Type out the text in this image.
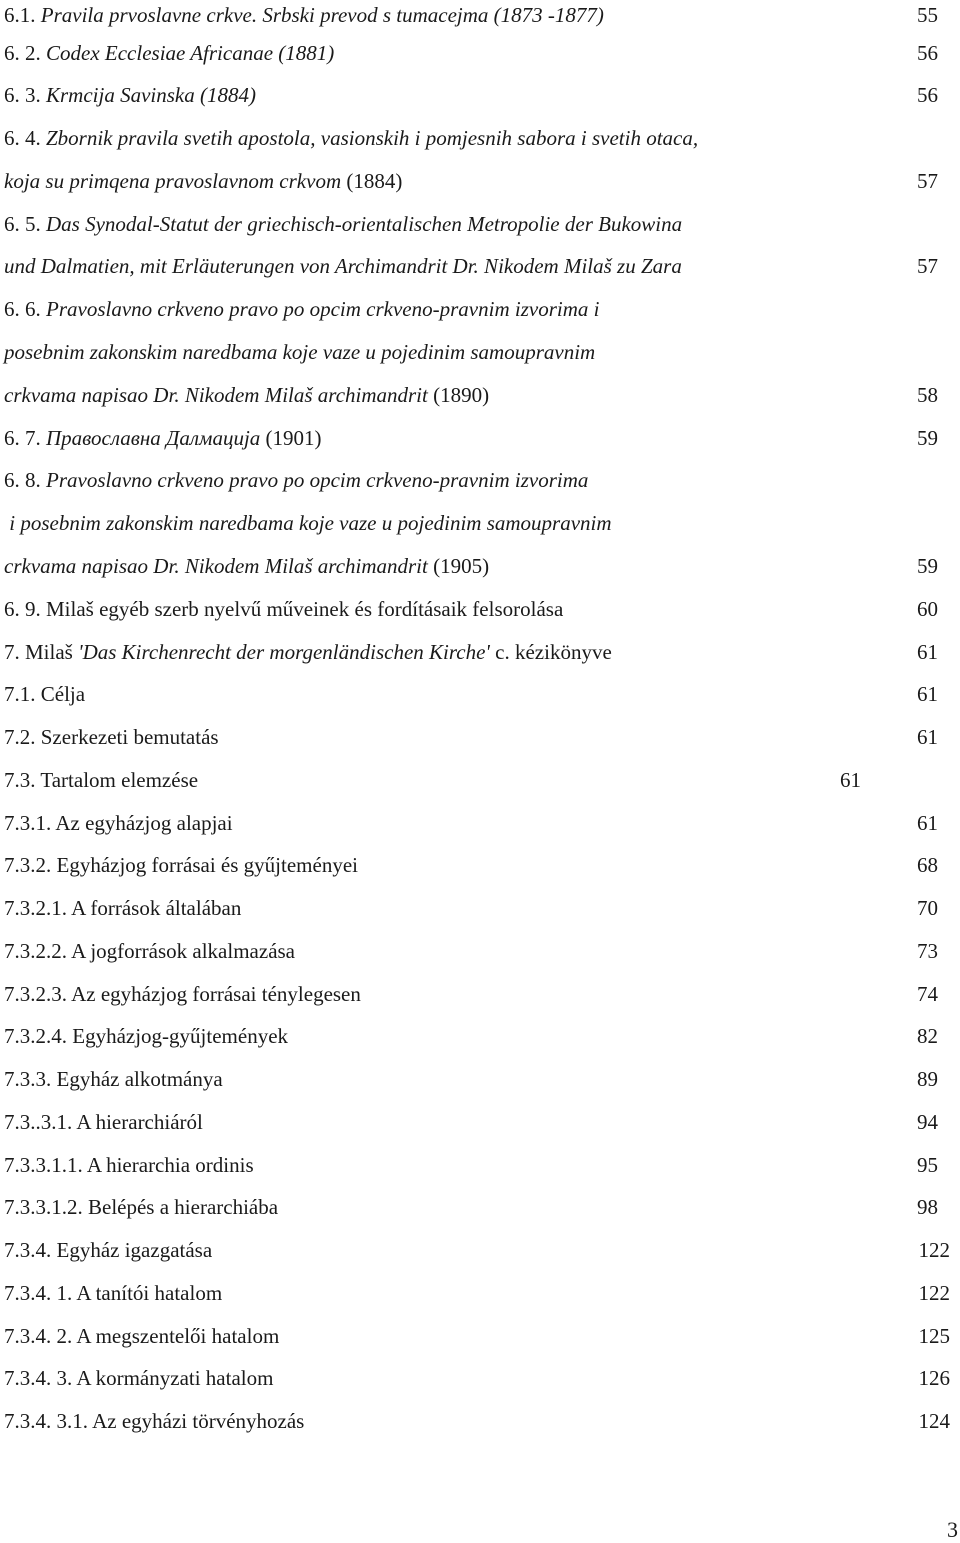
6.1. Pravila prvoslavne crkve. Srbski prevod s tumacejma (1873 -1877)	55
6. 2. Codex Ecclesiae Africanae (1881)	56
6. 3. Krmcija Savinska (1884)	56
6. 4. Zbornik pravila svetih apostola, vasionskih i pomjesnih sabora i svetih otaca,
koja su primqena pravoslavnom crkvom (1884)	57
6. 5. Das Synodal-Statut der griechisch-orientalischen Metropolie der Bukowina
und Dalmatien, mit Erläuterungen von Archimandrit Dr. Nikodem Milaš zu Zara	57
6. 6. Pravoslavno crkveno pravo po opcim crkveno-pravnim izvorima i
posebnim zakonskim naredbama koje vaze u pojedinim samoupravnim
crkvama napisao Dr. Nikodem Milaš archimandrit (1890)	58
6. 7. Православна Далмација (1901)	59
6. 8. Pravoslavno crkveno pravo po opcim crkveno-pravnim izvorima
i posebnim zakonskim naredbama koje vaze u pojedinim samoupravnim
crkvama napisao Dr. Nikodem Milaš archimandrit (1905)	59
6. 9. Milaš egyéb szerb nyelvű műveinek és fordításaik felsorolása	60
7. Milaš 'Das Kirchenrecht der morgenländischen Kirche' c. kézikönyve	61
7.1. Célja	61
7.2. Szerkezeti bemutatás	61
7.3. Tartalom elemzése	61
7.3.1. Az egyházjog alapjai	61
7.3.2. Egyházjog forrásai és gyűjteményei	68
7.3.2.1. A források általában	70
7.3.2.2. A jogforrások alkalmazása	73
7.3.2.3. Az egyházjog forrásai ténylegesen	74
7.3.2.4. Egyházjog-gyűjtemények	82
7.3.3. Egyház alkotmánya	89
7.3..3.1. A hierarchiáról	94
7.3.3.1.1. A hierarchia ordinis	95
7.3.3.1.2. Belépés a hierarchiába	98
7.3.4. Egyház igazgatása	122
7.3.4. 1. A tanítói hatalom	122
7.3.4. 2. A megszentelői hatalom	125
7.3.4. 3. A kormányzati hatalom	126
7.3.4. 3.1. Az egyházi törvényhozás	124
3
